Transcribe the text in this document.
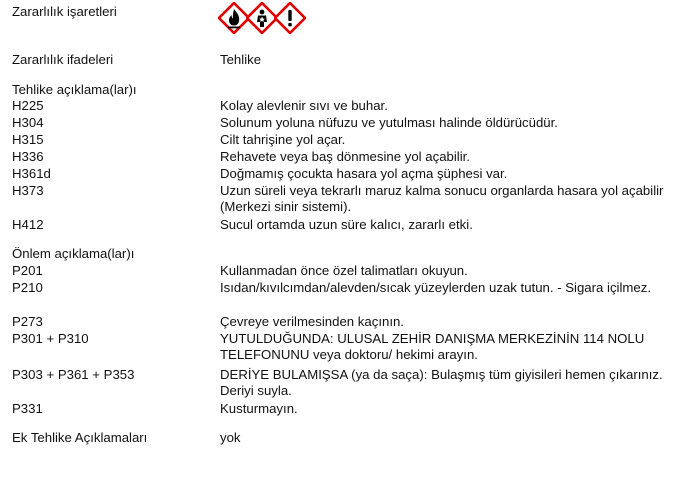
Zararlılık işaretleri
Zararlılık ifadeleri	Tehlike
Tehlike açıklama(lar)ı
H225	Kolay alevlenir sıvı ve buhar.
H304	Solunum yoluna nüfuzu ve yutulması halinde öldürücüdür.
H315	Cilt tahrişine yol açar.
H336	Rehavete veya baş dönmesine yol açabilir.
H361d	Doğmamış çocukta hasara yol açma şüphesi var.
H373	Uzun süreli veya tekrarlı maruz kalma sonucu organlarda hasara yol açabilir (Merkezi sinir sistemi).
H412	Sucul ortamda uzun süre kalıcı, zararlı etki.
Önlem açıklama(lar)ı
P201	Kullanmadan önce özel talimatları okuyun.
P210	Isıdan/kıvılcımdan/alevden/sıcak yüzeylerden uzak tutun. - Sigara içilmez.
P273	Çevreye verilmesinden kaçının.
P301 + P310	YUTULDUĞUNDA: ULUSAL ZEHİR DANIŞMA MERKEZİNİN 114 NOLU TELEFONUNU veya doktoru/ hekimi arayın.
P303 + P361 + P353	DERİYE BULAMIŞSA (ya da saça): Bulaşmış tüm giyisileri hemen çıkarınız. Deriyi suyla.
P331	Kusturmayın.
Ek Tehlike Açıklamaları	yok
